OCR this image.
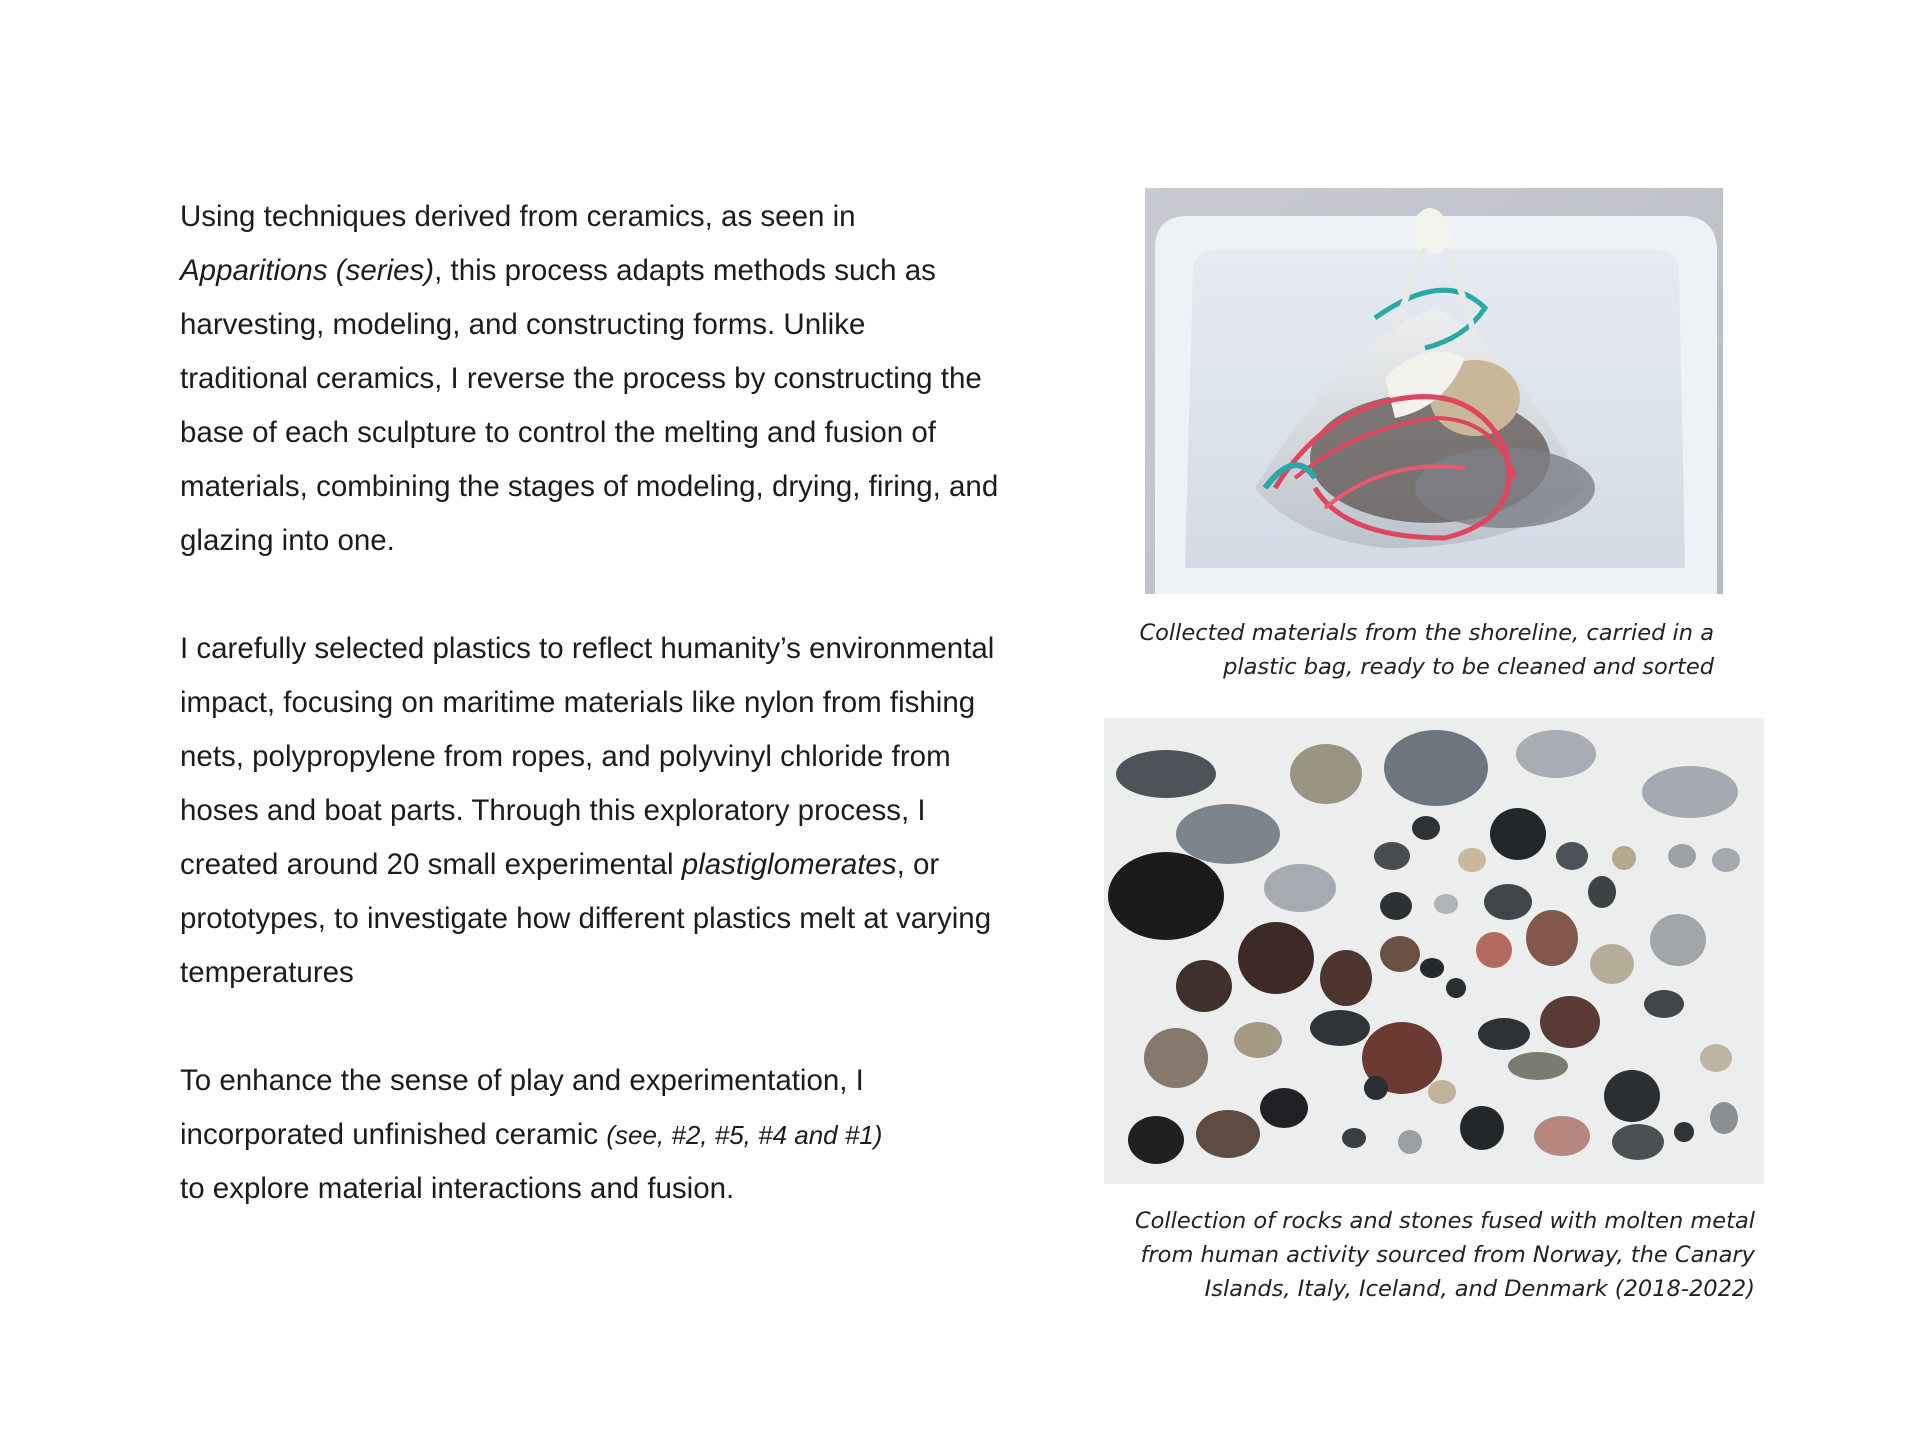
Using techniques derived from ceramics, as seen in Apparitions (series), this process adapts methods such as harvesting, modeling, and constructing forms. Unlike traditional ceramics, I reverse the process by constructing the base of each sculpture to control the melting and fusion of materials, combining the stages of modeling, drying, firing, and glazing into one.

I carefully selected plastics to reflect humanity’s environmental impact, focusing on maritime materials like nylon from fishing nets, polypropylene from ropes, and polyvinyl chloride from hoses and boat parts. Through this exploratory process, I created around 20 small experimental plastiglomerates, or prototypes, to investigate how different plastics melt at varying temperatures

To enhance the sense of play and experimentation, I
incorporated unfinished ceramic (see, #2, #5, #4 and #1)
to explore material interactions and fusion.

Collected materials from the shoreline, carried in a
plastic bag, ready to be cleaned and sorted
Collection of rocks and stones fused with molten metal
from human activity sourced from Norway, the Canary
Islands, Italy, Iceland, and Denmark (2018-2022)
